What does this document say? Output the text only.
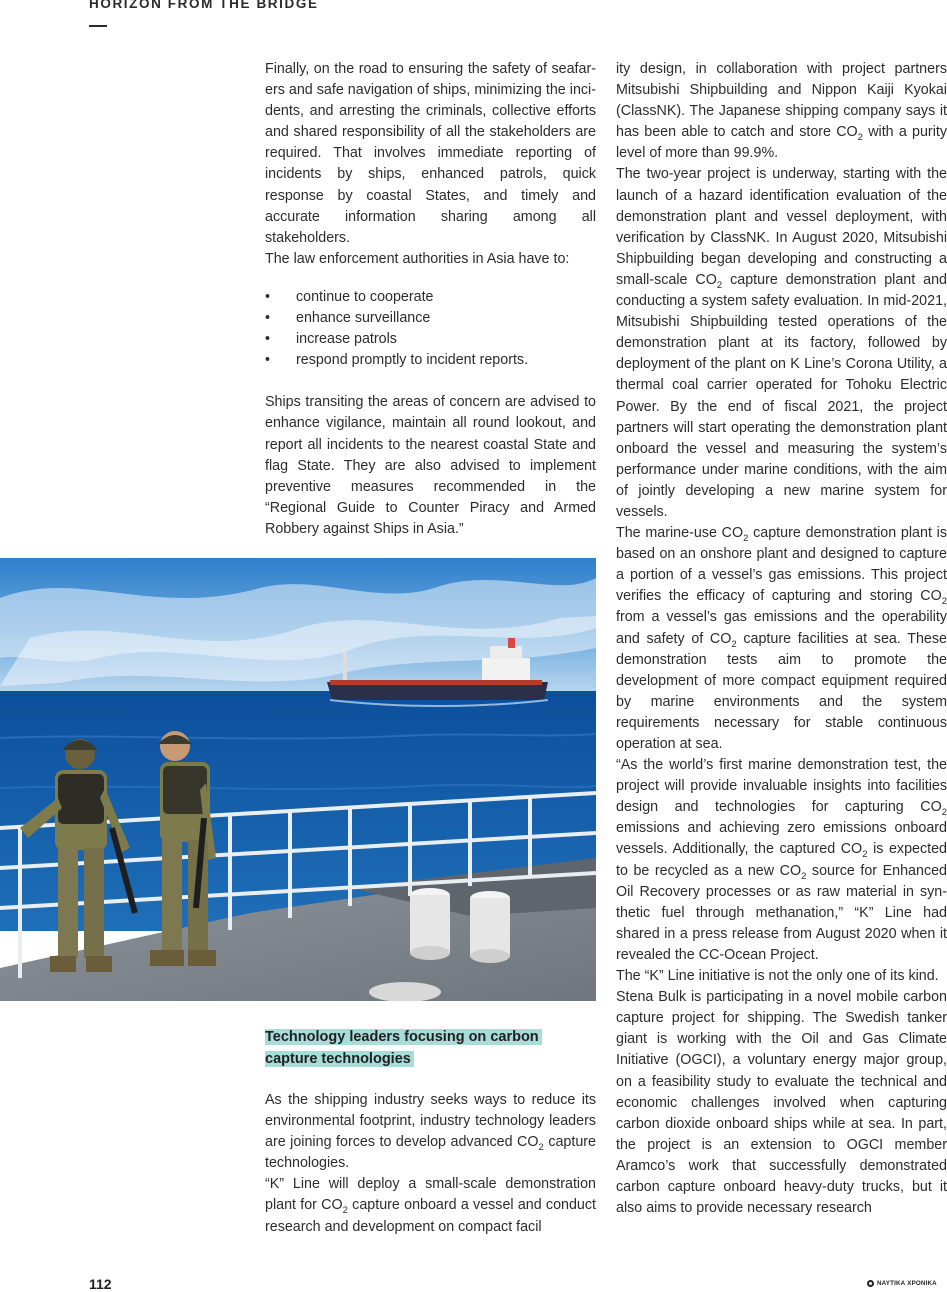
HORIZON FROM THE BRIDGE

Finally, on the road to ensuring the safety of seafarers and safe navigation of ships, minimizing the incidents, and arresting the criminals, collective efforts and shared responsibility of all the stakeholders are required. That involves immediate reporting of incidents by ships, enhanced patrols, quick response by coastal States, and timely and accurate information sharing among all stakeholders.

The law enforcement authorities in Asia have to:

• continue to cooperate
• enhance surveillance
• increase patrols
• respond promptly to incident reports.

Ships transiting the areas of concern are advised to enhance vigilance, maintain all round lookout, and report all incidents to the nearest coastal State and flag State. They are also advised to implement preventive measures recommended in the “Regional Guide to Counter Piracy and Armed Robbery against Ships in Asia.”

Technology leaders focusing on carbon
capture technologies

As the shipping industry seeks ways to reduce its environmental footprint, industry technology leaders are joining forces to develop advanced $CO_2$ capture technologies.

“K” Line will deploy a small-scale demonstration plant for $CO_2$ capture onboard a vessel and conduct research and development on compact facil

ity design, in collaboration with project partners Mitsubishi Shipbuilding and Nippon Kaiji Kyokai (ClassNK). The Japanese shipping company says it has been able to catch and store $CO_2$ with a purity level of more than 99.9%.

The two-year project is underway, starting with the launch of a hazard identification evaluation of the demonstration plant and vessel deployment, with verification by ClassNK. In August 2020, Mitsubishi Shipbuilding began developing and constructing a small-scale $CO_2$ capture demonstration plant and conducting a system safety evaluation. In mid-2021, Mitsubishi Shipbuilding tested operations of the demonstration plant at its factory, followed by deployment of the plant on K Line’s Corona Utility, a thermal coal carrier operated for Tohoku Electric Power. By the end of fiscal 2021, the project partners will start operating the demonstration plant onboard the vessel and measuring the system’s performance under marine conditions, with the aim of jointly developing a new marine system for vessels.

The marine-use $CO_2$ capture demonstration plant is based on an onshore plant and designed to capture a portion of a vessel’s gas emissions. This project verifies the efficacy of capturing and storing $CO_2$ from a vessel’s gas emissions and the operability and safety of $CO_2$ capture facilities at sea. These demonstration tests aim to promote the development of more compact equipment required by marine environments and the system requirements necessary for stable continuous operation at sea.

“As the world’s first marine demonstration test, the project will provide invaluable insights into facilities design and technologies for capturing $CO_2$ emissions and achieving zero emissions onboard vessels. Additionally, the captured $CO_2$ is expected to be recycled as a new $CO_2$ source for Enhanced Oil Recovery processes or as raw material in synthetic fuel through methanation,” “K” Line had shared in a press release from August 2020 when it revealed the CC-Ocean Project.

The “K” Line initiative is not the only one of its kind.

Stena Bulk is participating in a novel mobile carbon capture project for shipping. The Swedish tanker giant is working with the Oil and Gas Climate Initiative (OGCI), a voluntary energy major group, on a feasibility study to evaluate the technical and economic challenges involved when capturing carbon dioxide onboard ships while at sea. In part, the project is an extension to OGCI member Aramco’s work that successfully demonstrated carbon capture onboard heavy-duty trucks, but it also aims to provide necessary research

112	ΝΑΥΤΙΚΑ ΧΡΟΝΙΚΑ
